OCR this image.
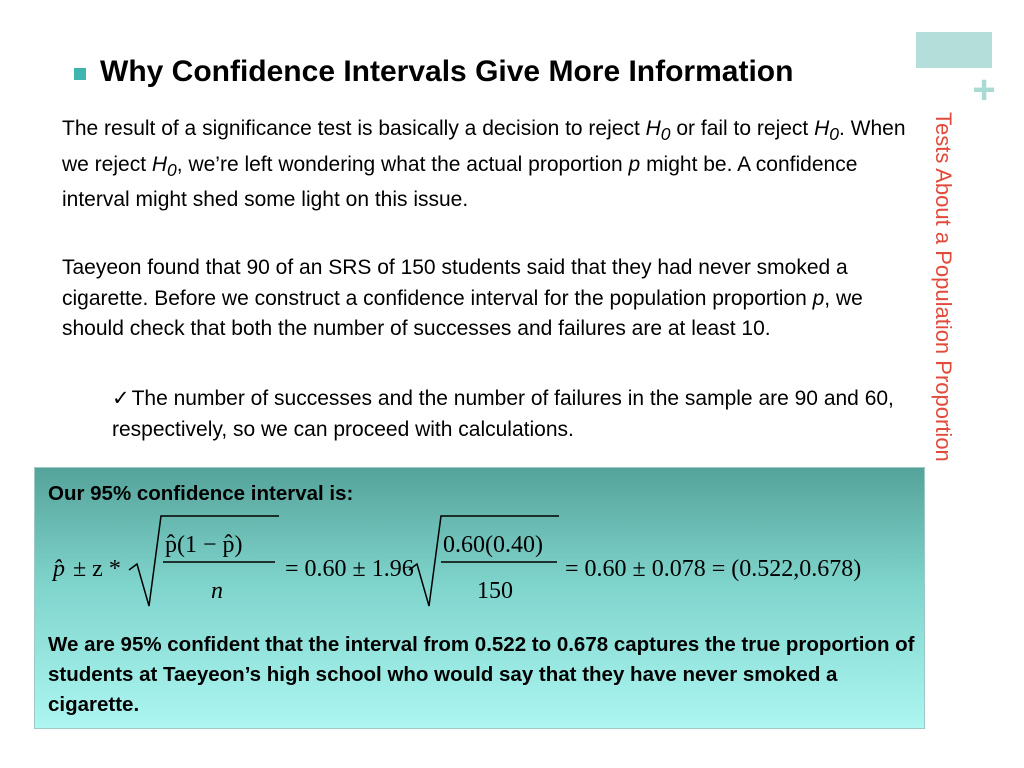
+
Tests About a Population Proportion
Why Confidence Intervals Give More Information
The result of a significance test is basically a decision to reject $H_0$ or fail to reject $H_0$. When we reject $H_0$, we’re left wondering what the actual proportion p might be. A confidence interval might shed some light on this issue.
Taeyeon found that 90 of an SRS of 150 students said that they had never smoked a cigarette. Before we construct a confidence interval for the population proportion p, we should check that both the number of successes and failures are at least 10.
✓The number of successes and the number of failures in the sample are 90 and 60, respectively, so we can proceed with calculations.
Our 95% confidence interval is:
p̂ ± z *
p̂(1 − p̂)
n
= 0.60 ± 1.96
0.60(0.40)
150
= 0.60 ± 0.078 = (0.522,0.678)
We are 95% confident that the interval from 0.522 to 0.678 captures the true proportion of students at Taeyeon’s high school who would say that they have never smoked a cigarette.
